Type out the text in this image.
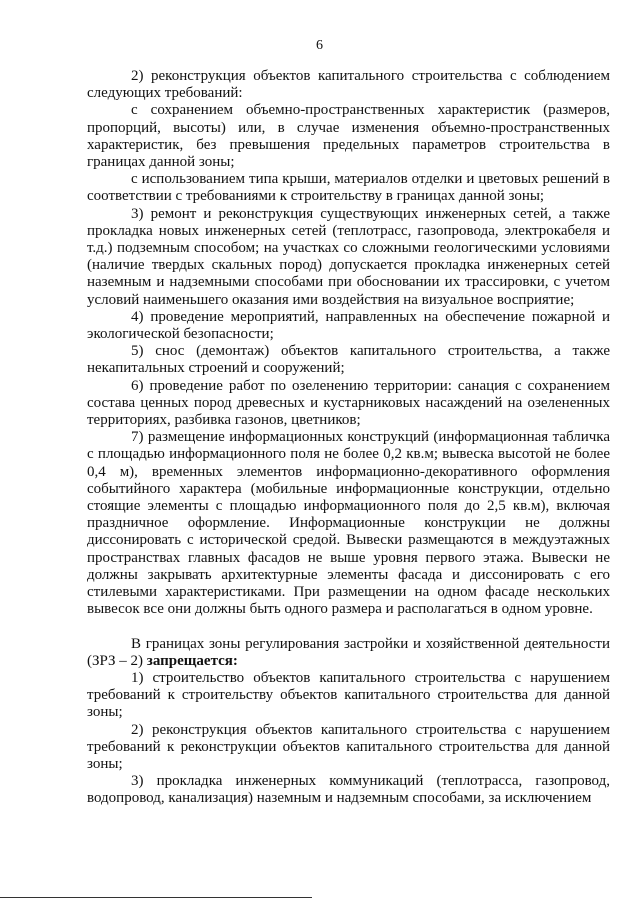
6

2) реконструкция объектов капитального строительства с соблюдением следующих требований:

с сохранением объемно-пространственных характеристик (размеров, пропорций, высоты) или, в случае изменения объемно-пространственных характеристик, без превышения предельных параметров строительства в границах данной зоны;

с использованием типа крыши, материалов отделки и цветовых решений в соответствии с требованиями к строительству в границах данной зоны;

3) ремонт и реконструкция существующих инженерных сетей, а также прокладка новых инженерных сетей (теплотрасс, газопровода, электрокабеля и т.д.) подземным способом; на участках со сложными геологическими условиями (наличие твердых скальных пород) допускается прокладка инженерных сетей наземным и надземными способами при обосновании их трассировки, с учетом условий наименьшего оказания ими воздействия на визуальное восприятие;

4) проведение мероприятий, направленных на обеспечение пожарной и экологической безопасности;

5) снос (демонтаж) объектов капитального строительства, а также некапитальных строений и сооружений;

6) проведение работ по озеленению территории: санация с сохранением состава ценных пород древесных и кустарниковых насаждений на озелененных территориях, разбивка газонов, цветников;

7) размещение информационных конструкций (информационная табличка с площадью информационного поля не более 0,2 кв.м; вывеска высотой не более 0,4 м), временных элементов информационно-декоративного оформления событийного характера (мобильные информационные конструкции, отдельно стоящие элементы с площадью информационного поля до 2,5 кв.м), включая праздничное оформление. Информационные конструкции не должны диссонировать с исторической средой. Вывески размещаются в междуэтажных пространствах главных фасадов не выше уровня первого этажа. Вывески не должны закрывать архитектурные элементы фасада и диссонировать с его стилевыми характеристиками. При размещении на одном фасаде нескольких вывесок все они должны быть одного размера и располагаться в одном уровне.

В границах зоны регулирования застройки и хозяйственной деятельности (ЗРЗ – 2) запрещается:

1) строительство объектов капитального строительства с нарушением требований к строительству объектов капитального строительства для данной зоны;

2) реконструкция объектов капитального строительства с нарушением требований к реконструкции объектов капитального строительства для данной зоны;

3) прокладка инженерных коммуникаций (теплотрасса, газопровод, водопровод, канализация) наземным и надземным способами, за исключением
